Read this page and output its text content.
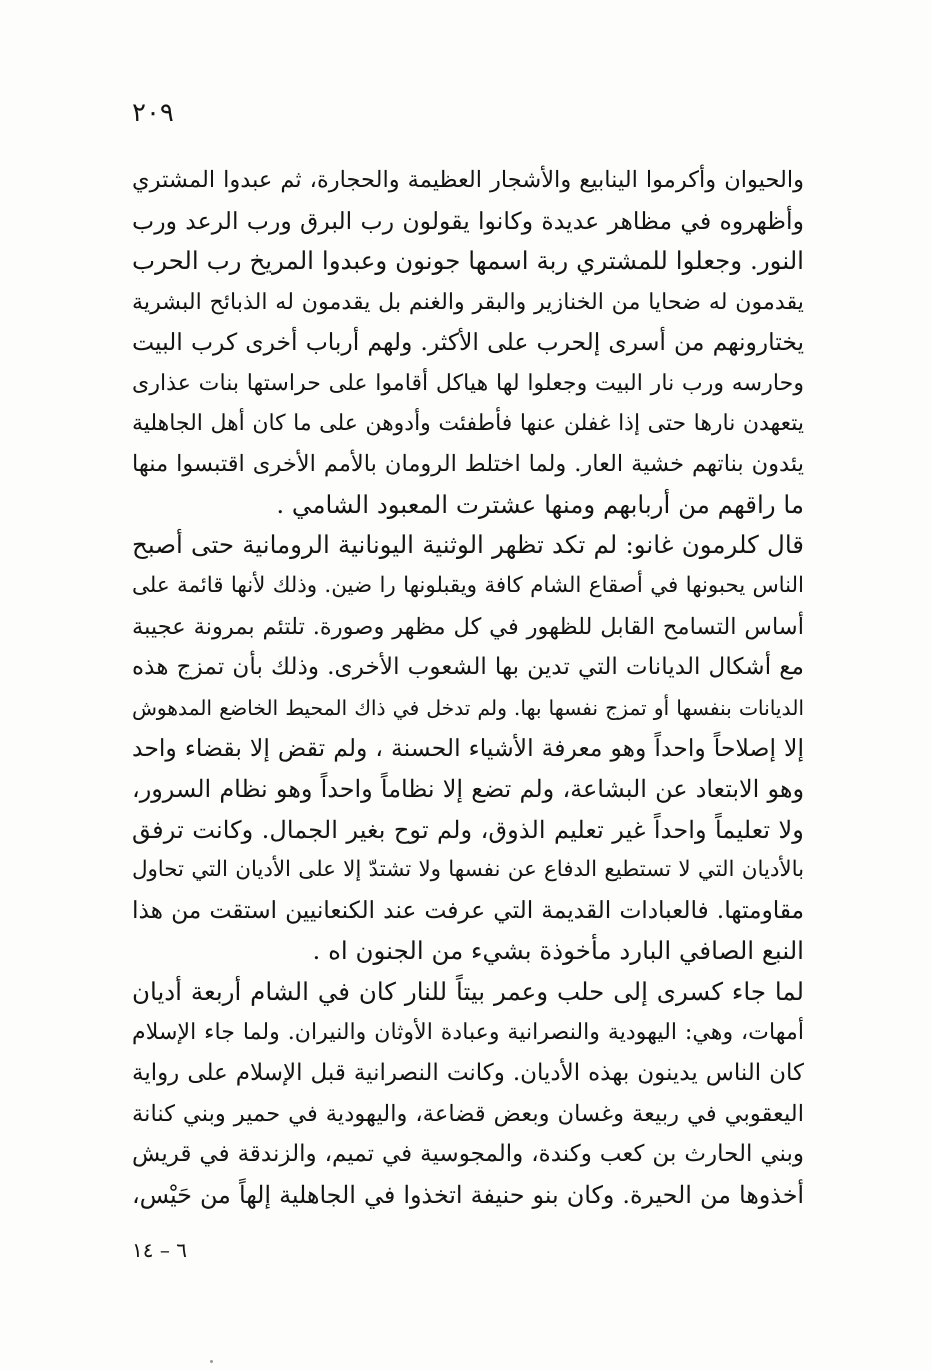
٢٠٩

والحيوان وأكرموا الينابيع والأشجار العظيمة والحجارة، ثم عبدوا المشتري
وأظهروه في مظاهر عديدة وكانوا يقولون رب البرق ورب الرعد ورب
النور. وجعلوا للمشتري ربة اسمها جونون وعبدوا المريخ رب الحرب
يقدمون له ضحايا من الخنازير والبقر والغنم بل يقدمون له الذبائح البشرية
يختارونهم من أسرى إلحرب على الأكثر. ولهم أرباب أخرى كرب البيت
وحارسه ورب نار البيت وجعلوا لها هياكل أقاموا على حراستها بنات عذارى
يتعهدن نارها حتى إذا غفلن عنها فأطفئت وأدوهن على ما كان أهل الجاهلية
يئدون بناتهم خشية العار. ولما اختلط الرومان بالأمم الأخرى اقتبسوا منها
ما راقهم من أربابهم ومنها عشترت المعبود الشامي .

قال كلرمون غانو: لم تكد تظهر الوثنية اليونانية الرومانية حتى أصبح
الناس يحبونها في أصقاع الشام كافة ويقبلونها را ضين. وذلك لأنها قائمة على
أساس التسامح القابل للظهور في كل مظهر وصورة. تلتئم بمرونة عجيبة
مع أشكال الديانات التي تدين بها الشعوب الأخرى. وذلك بأن تمزج هذه
الديانات بنفسها أو تمزج نفسها بها. ولم تدخل في ذاك المحيط الخاضع المدهوش
إلا إصلاحاً واحداً وهو معرفة الأشياء الحسنة ، ولم تقض إلا بقضاء واحد
وهو الابتعاد عن البشاعة، ولم تضع إلا نظاماً واحداً وهو نظام السرور،
ولا تعليماً واحداً غير تعليم الذوق، ولم توح بغير الجمال. وكانت ترفق
بالأديان التي لا تستطيع الدفاع عن نفسها ولا تشتدّ إلا على الأديان التي تحاول
مقاومتها. فالعبادات القديمة التي عرفت عند الكنعانيين استقت من هذا
النبع الصافي البارد مأخوذة بشيء من الجنون اه .

لما جاء كسرى إلى حلب وعمر بيتاً للنار كان في الشام أربعة أديان
أمهات، وهي: اليهودية والنصرانية وعبادة الأوثان والنيران. ولما جاء الإسلام
كان الناس يدينون بهذه الأديان. وكانت النصرانية قبل الإسلام على رواية
اليعقوبي في ربيعة وغسان وبعض قضاعة، واليهودية في حمير وبني كنانة
وبني الحارث بن كعب وكندة، والمجوسية في تميم، والزندقة في قريش
أخذوها من الحيرة. وكان بنو حنيفة اتخذوا في الجاهلية إلهاً من حَيْس،

٦ – ١٤
